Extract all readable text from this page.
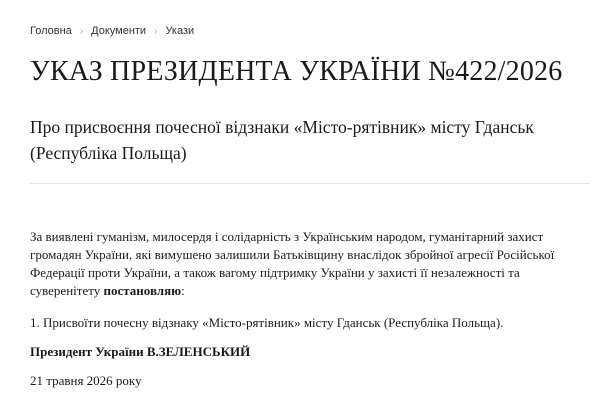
Головна › Документи › Укази
УКАЗ ПРЕЗИДЕНТА УКРАЇНИ №422/2026
Про присвоєння почесної відзнаки «Місто-рятівник» місту Гданськ (Республіка Польща)

За виявлені гуманізм, милосердя і солідарність з Українським народом, гуманітарний захист громадян України, які вимушено залишили Батьківщину внаслідок збройної агресії Російської Федерації проти України, а також вагому підтримку України у захисті її незалежності та суверенітету постановляю:

1. Присвоїти почесну відзнаку «Місто-рятівник» місту Гданськ (Республіка Польща).

Президент України В.ЗЕЛЕНСЬКИЙ

21 травня 2026 року
